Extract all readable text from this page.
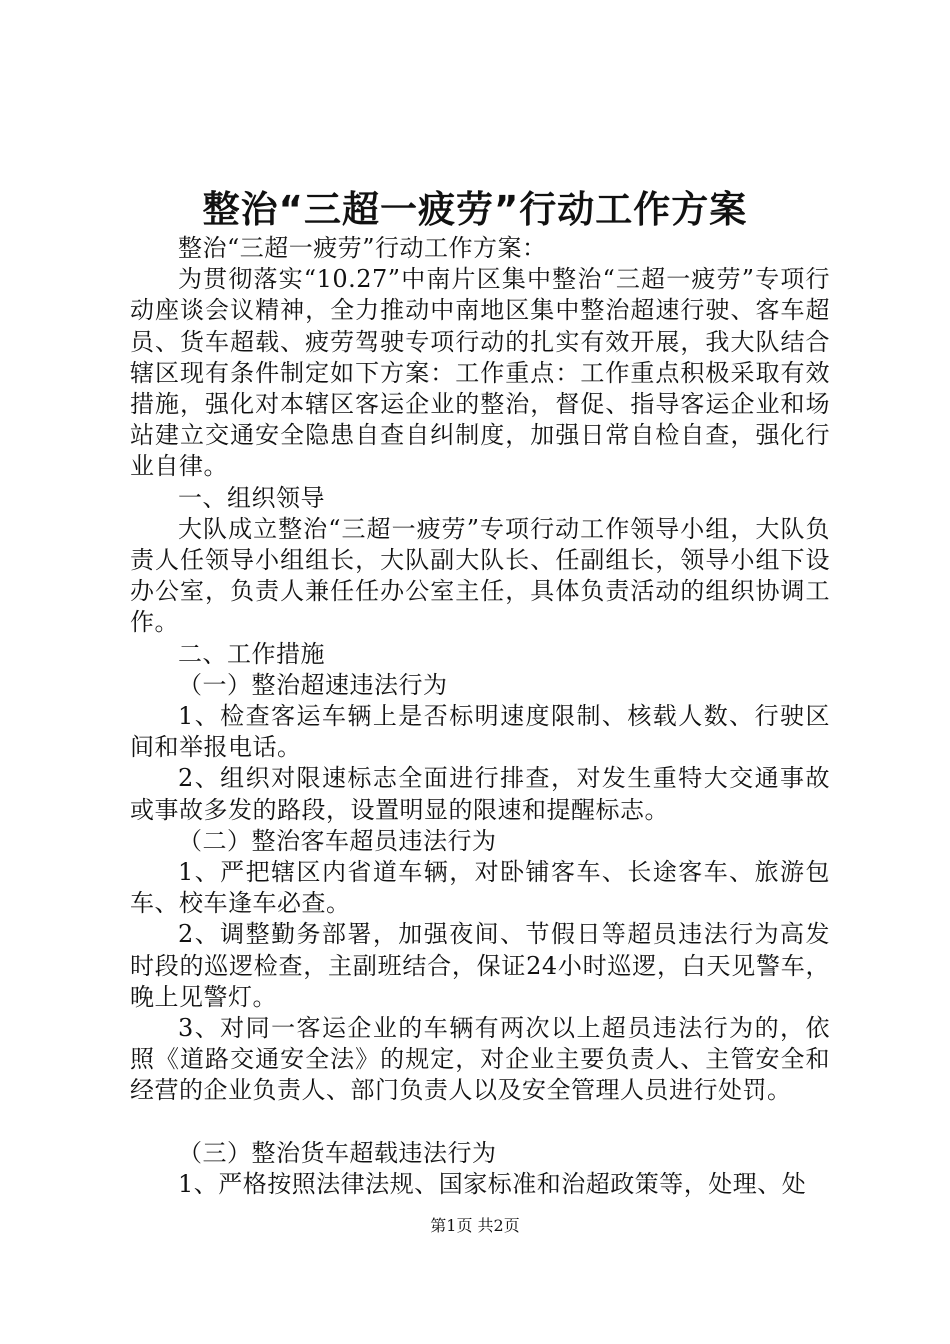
整治“三超一疲劳”行动工作方案

整治“三超一疲劳”行动工作方案：

为贯彻落实“10.27”中南片区集中整治“三超一疲劳”专项行动座谈会议精神，全力推动中南地区集中整治超速行驶、客车超员、货车超载、疲劳驾驶专项行动的扎实有效开展，我大队结合辖区现有条件制定如下方案：工作重点：工作重点积极采取有效措施，强化对本辖区客运企业的整治，督促、指导客运企业和场站建立交通安全隐患自查自纠制度，加强日常自检自查，强化行业自律。

一、组织领导

大队成立整治“三超一疲劳”专项行动工作领导小组，大队负责人任领导小组组长，大队副大队长、任副组长，领导小组下设办公室，负责人兼任任办公室主任，具体负责活动的组织协调工作。

二、工作措施

（一）整治超速违法行为

1、检查客运车辆上是否标明速度限制、核载人数、行驶区间和举报电话。

2、组织对限速标志全面进行排查，对发生重特大交通事故或事故多发的路段，设置明显的限速和提醒标志。

（二）整治客车超员违法行为

1、严把辖区内省道车辆，对卧铺客车、长途客车、旅游包车、校车逢车必查。

2、调整勤务部署，加强夜间、节假日等超员违法行为高发时段的巡逻检查，主副班结合，保证24小时巡逻，白天见警车，晚上见警灯。

3、对同一客运企业的车辆有两次以上超员违法行为的，依照《道路交通安全法》的规定，对企业主要负责人、主管安全和经营的企业负责人、部门负责人以及安全管理人员进行处罚。

（三）整治货车超载违法行为

1、严格按照法律法规、国家标准和治超政策等，处理、处

第1页 共2页
